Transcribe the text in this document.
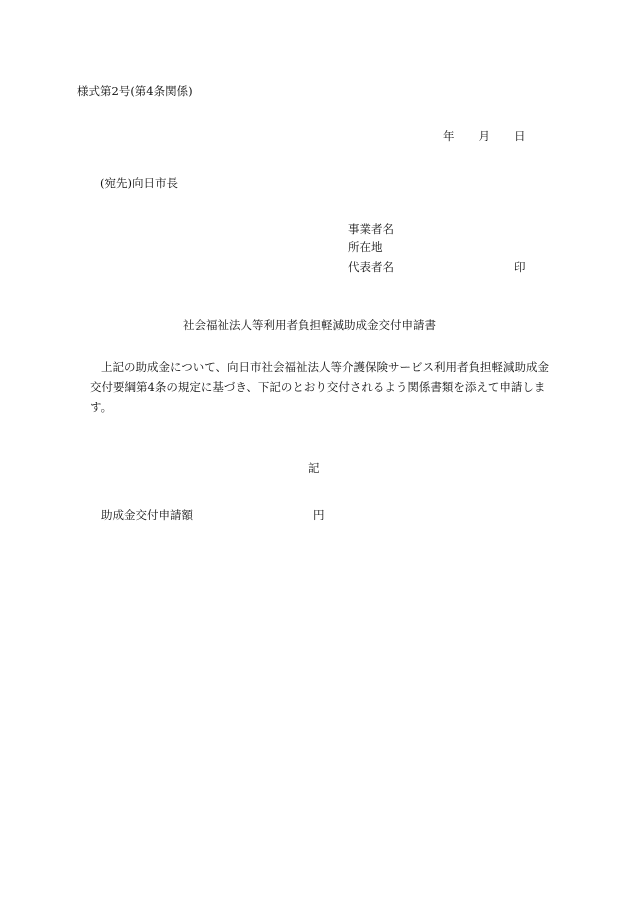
様式第2号(第4条関係)
年 月 日
(宛先)向日市長
事業者名
所在地
代表者名	印
社会福祉法人等利用者負担軽減助成金交付申請書
上記の助成金について、向日市社会福祉法人等介護保険サービス利用者負担軽減助成金交付要綱第4条の規定に基づき、下記のとおり交付されるよう関係書類を添えて申請します。
記
助成金交付申請額	円
